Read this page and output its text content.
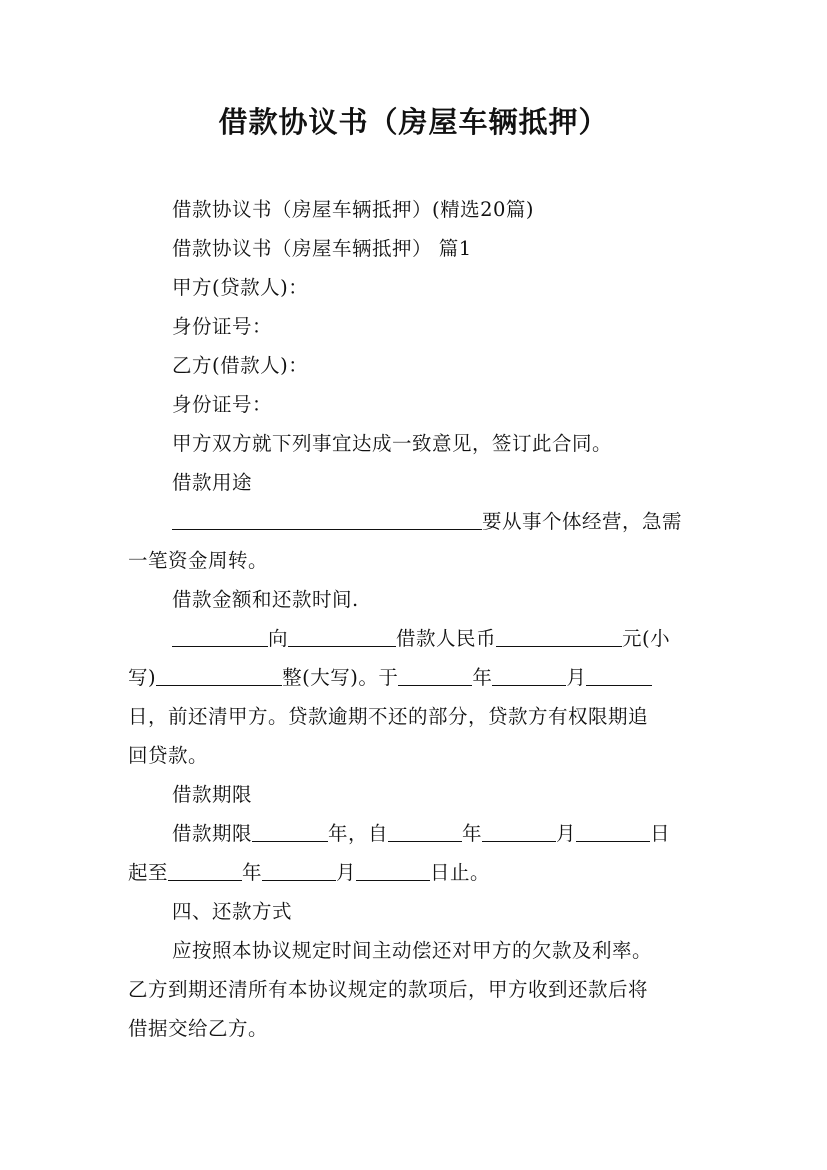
借款协议书（房屋车辆抵押）
借款协议书（房屋车辆抵押）(精选20篇)
借款协议书（房屋车辆抵押） 篇1
甲方(贷款人)：
身份证号：
乙方(借款人)：
身份证号：
甲方双方就下列事宜达成一致意见，签订此合同。
借款用途
要从事个体经营，急需
一笔资金周转。
借款金额和还款时间.
向	借款人民币	元(小
写)	整(大写)。于	年	月
日，前还清甲方。贷款逾期不还的部分，贷款方有权限期追
回贷款。
借款期限
借款期限	年，自	年	月	日
起至	年	月	日止。
四、还款方式
应按照本协议规定时间主动偿还对甲方的欠款及利率。
乙方到期还清所有本协议规定的款项后，甲方收到还款后将
借据交给乙方。
